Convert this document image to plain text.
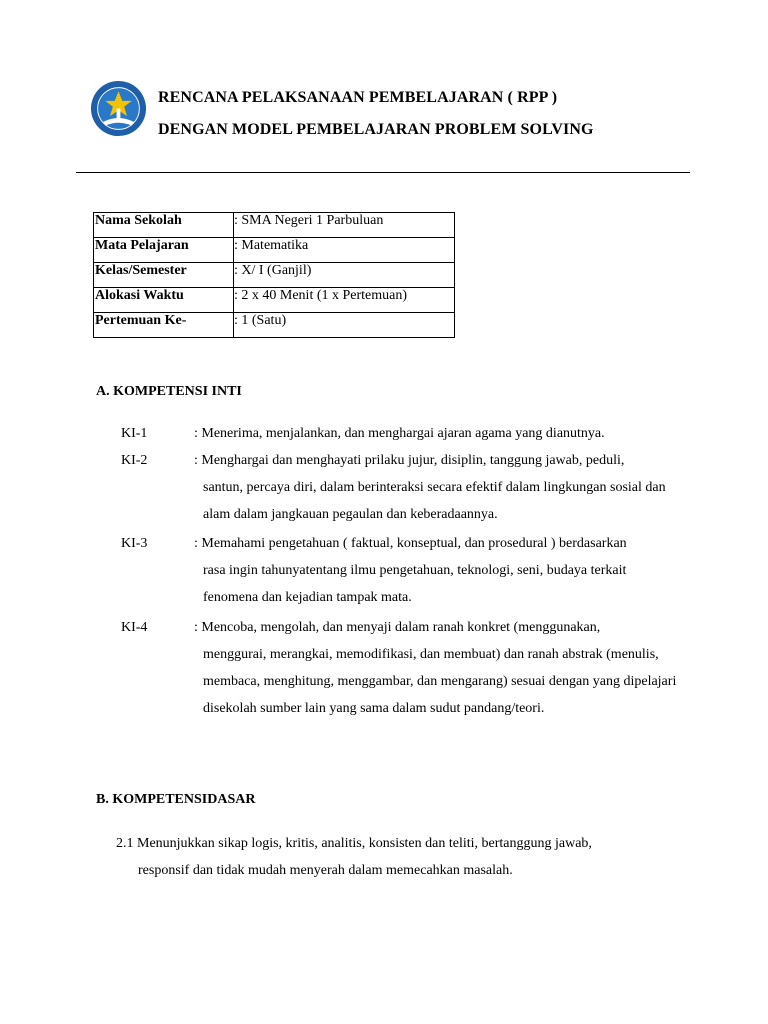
RENCANA PELAKSANAAN PEMBELAJARAN ( RPP )
DENGAN MODEL PEMBELAJARAN PROBLEM SOLVING
Nama Sekolah	: SMA Negeri 1 Parbuluan
Mata Pelajaran	: Matematika
Kelas/Semester	: X/ I (Ganjil)
Alokasi Waktu	: 2 x 40 Menit (1 x Pertemuan)
Pertemuan Ke-	: 1 (Satu)
A. KOMPETENSI INTI
KI-1	: Menerima, menjalankan, dan menghargai ajaran agama yang dianutnya.
KI-2	: Menghargai dan menghayati prilaku jujur, disiplin, tanggung jawab, peduli,
santun, percaya diri, dalam berinteraksi secara efektif dalam lingkungan sosial dan alam dalam jangkauan pegaulan dan keberadaannya.
KI-3	: Memahami pengetahuan ( faktual, konseptual, dan prosedural ) berdasarkan
rasa ingin tahunyatentang ilmu pengetahuan, teknologi, seni, budaya terkait fenomena dan kejadian tampak mata.
KI-4	: Mencoba, mengolah, dan menyaji dalam ranah konkret (menggunakan,
menggurai, merangkai, memodifikasi, dan membuat) dan ranah abstrak (menulis, membaca, menghitung, menggambar, dan mengarang) sesuai dengan yang dipelajari disekolah sumber lain yang sama dalam sudut pandang/teori.
B. KOMPETENSIDASAR
2.1 Menunjukkan sikap logis, kritis, analitis, konsisten dan teliti, bertanggung jawab,
responsif dan tidak mudah menyerah dalam memecahkan masalah.
